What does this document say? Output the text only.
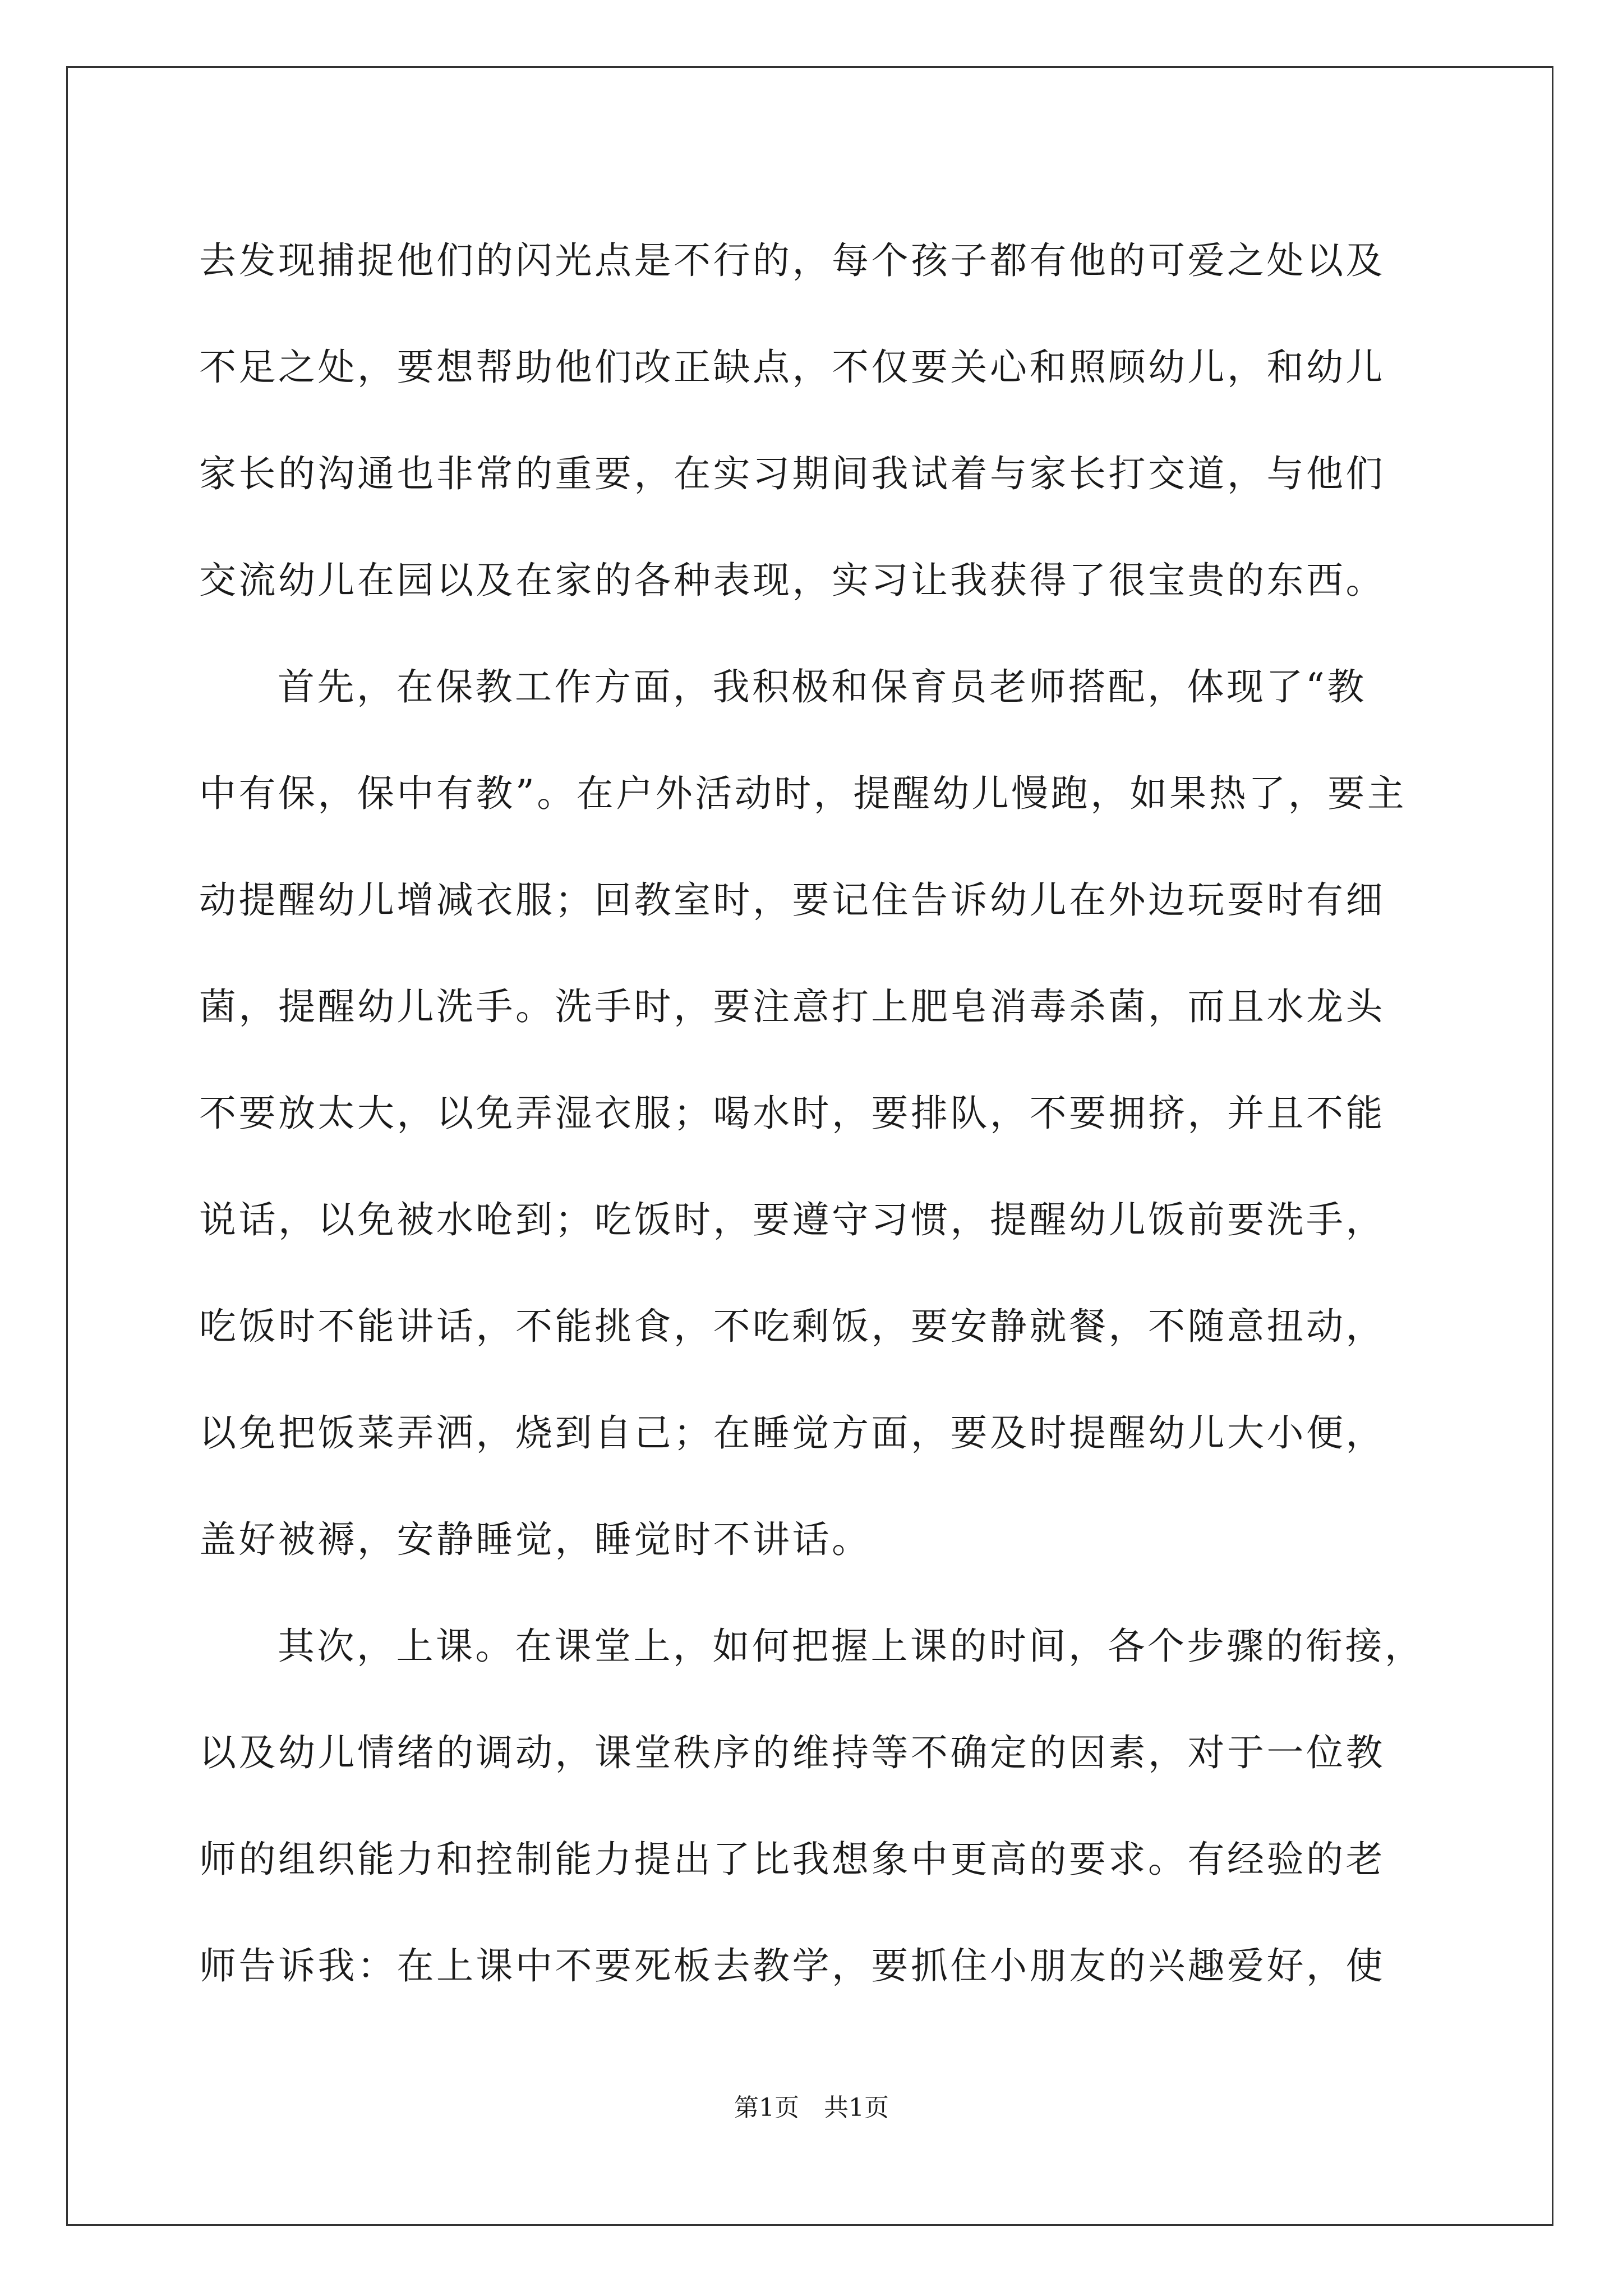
去发现捕捉他们的闪光点是不行的，每个孩子都有他的可爱之处以及
不足之处，要想帮助他们改正缺点，不仅要关心和照顾幼儿，和幼儿
家长的沟通也非常的重要，在实习期间我试着与家长打交道，与他们
交流幼儿在园以及在家的各种表现，实习让我获得了很宝贵的东西。
首先，在保教工作方面，我积极和保育员老师搭配，体现了“教
中有保，保中有教”。在户外活动时，提醒幼儿慢跑，如果热了，要主
动提醒幼儿增减衣服；回教室时，要记住告诉幼儿在外边玩耍时有细
菌，提醒幼儿洗手。洗手时，要注意打上肥皂消毒杀菌，而且水龙头
不要放太大，以免弄湿衣服；喝水时，要排队，不要拥挤，并且不能
说话，以免被水呛到；吃饭时，要遵守习惯，提醒幼儿饭前要洗手，
吃饭时不能讲话，不能挑食，不吃剩饭，要安静就餐，不随意扭动，
以免把饭菜弄洒，烧到自己；在睡觉方面，要及时提醒幼儿大小便，
盖好被褥，安静睡觉，睡觉时不讲话。
其次，上课。在课堂上，如何把握上课的时间，各个步骤的衔接，
以及幼儿情绪的调动，课堂秩序的维持等不确定的因素，对于一位教
师的组织能力和控制能力提出了比我想象中更高的要求。有经验的老
师告诉我：在上课中不要死板去教学，要抓住小朋友的兴趣爱好，使
第1页　共1页
